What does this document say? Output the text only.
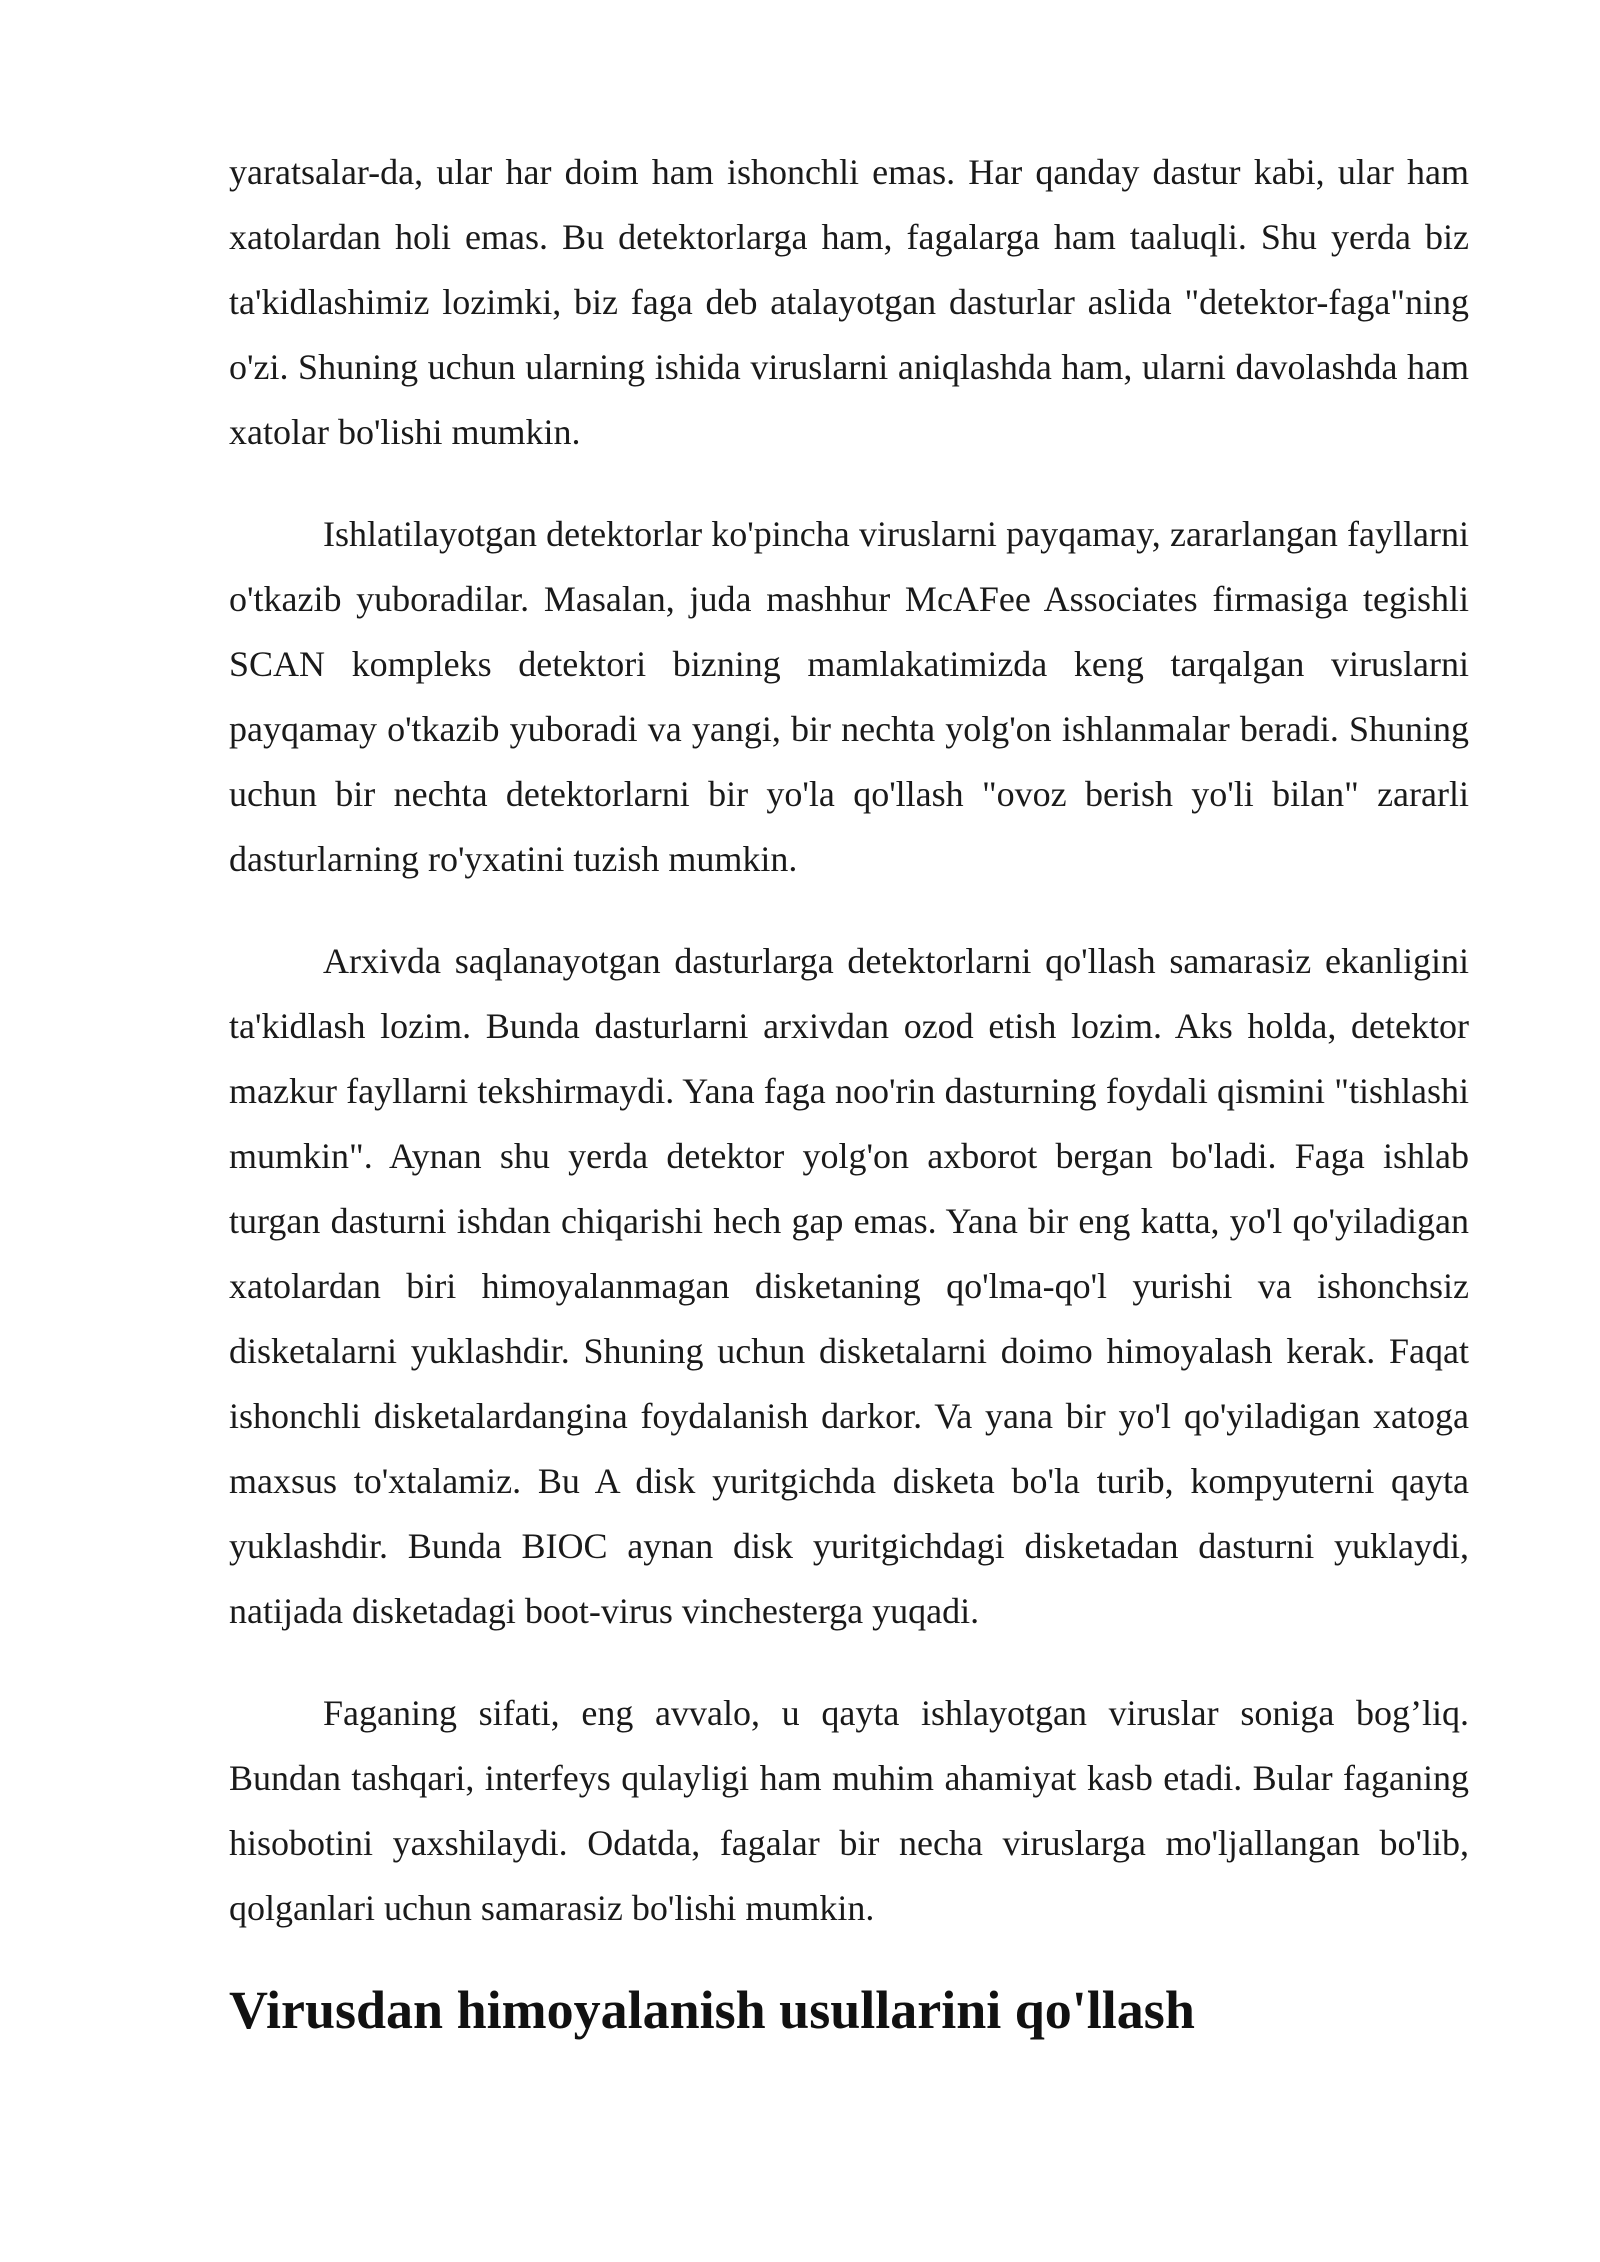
yaratsalar-da, ular har doim ham ishonchli emas. Har qanday dastur kabi, ular ham xatolardan holi emas. Bu detektorlarga ham, fagalarga ham taaluqli. Shu yerda biz ta'kidlashimiz lozimki, biz faga deb atalayotgan dasturlar aslida "detektor-faga"ning o'zi. Shuning uchun ularning ishida viruslarni aniqlashda ham, ularni davolashda ham xatolar bo'lishi mumkin.

Ishlatilayotgan detektorlar ko'pincha viruslarni payqamay, zararlangan fayllarni o'tkazib yuboradilar. Masalan, juda mashhur McAFee Associates firmasiga tegishli SCAN kompleks detektori bizning mamlakatimizda keng tarqalgan viruslarni payqamay o'tkazib yuboradi va yangi, bir nechta yolg'on ishlanmalar beradi. Shuning uchun bir nechta detektorlarni bir yo'la qo'llash "ovoz berish yo'li bilan" zararli dasturlarning ro'yxatini tuzish mumkin.

Arxivda saqlanayotgan dasturlarga detektorlarni qo'llash samarasiz ekanligini ta'kidlash lozim. Bunda dasturlarni arxivdan ozod etish lozim. Aks holda, detektor mazkur fayllarni tekshirmaydi. Yana faga noo'rin dasturning foydali qismini "tishlashi mumkin". Aynan shu yerda detektor yolg'on axborot bergan bo'ladi. Faga ishlab turgan dasturni ishdan chiqarishi hech gap emas. Yana bir eng katta, yo'l qo'yiladigan xatolardan biri himoyalanmagan disketaning qo'lma-qo'l yurishi va ishonchsiz disketalarni yuklashdir. Shuning uchun disketalarni doimo himoyalash kerak. Faqat ishonchli disketalardangina foydalanish darkor. Va yana bir yo'l qo'yiladigan xatoga maxsus to'xtalamiz. Bu A disk yuritgichda disketa bo'la turib, kompyuterni qayta yuklashdir. Bunda BIOC aynan disk yuritgichdagi disketadan dasturni yuklaydi, natijada disketadagi boot-virus vinchesterga yuqadi.

Faganing sifati, eng avvalo, u qayta ishlayotgan viruslar soniga bog’liq. Bundan tashqari, interfeys qulayligi ham muhim ahamiyat kasb etadi. Bular faganing hisobotini yaxshilaydi. Odatda, fagalar bir necha viruslarga mo'ljallangan bo'lib, qolganlari uchun samarasiz bo'lishi mumkin.

Virusdan himoyalanish usullarini qo'llash
